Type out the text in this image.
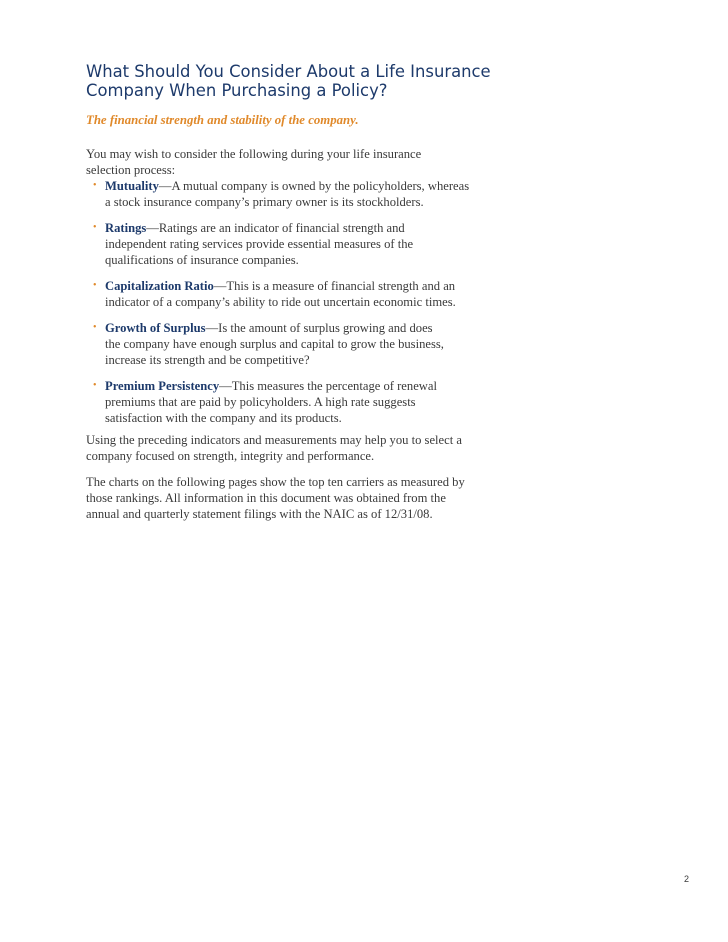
What Should You Consider About a Life Insurance
Company When Purchasing a Policy?

The financial strength and stability of the company.

You may wish to consider the following during your life insurance
selection process:
• Mutuality—A mutual company is owned by the policyholders, whereas
a stock insurance company’s primary owner is its stockholders.
• Ratings—Ratings are an indicator of financial strength and
independent rating services provide essential measures of the
qualifications of insurance companies.
• Capitalization Ratio—This is a measure of financial strength and an
indicator of a company’s ability to ride out uncertain economic times.
• Growth of Surplus—Is the amount of surplus growing and does
the company have enough surplus and capital to grow the business,
increase its strength and be competitive?
• Premium Persistency—This measures the percentage of renewal
premiums that are paid by policyholders. A high rate suggests
satisfaction with the company and its products.
Using the preceding indicators and measurements may help you to select a
company focused on strength, integrity and performance.
The charts on the following pages show the top ten carriers as measured by
those rankings. All information in this document was obtained from the
annual and quarterly statement filings with the NAIC as of 12/31/08.
2
